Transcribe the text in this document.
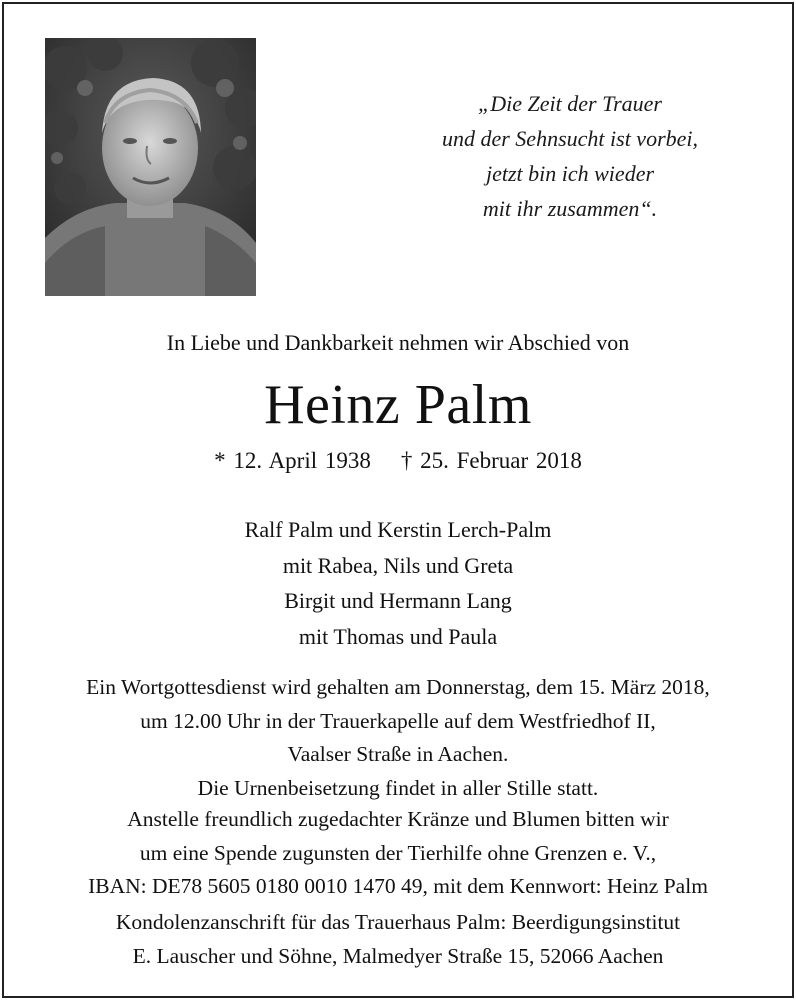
„Die Zeit der Trauer
und der Sehnsucht ist vorbei,
jetzt bin ich wieder
mit ihr zusammen“.
In Liebe und Dankbarkeit nehmen wir Abschied von
Heinz Palm
* 12. April 1938 † 25. Februar 2018
Ralf Palm und Kerstin Lerch-Palm
mit Rabea, Nils und Greta
Birgit und Hermann Lang
mit Thomas und Paula
Ein Wortgottesdienst wird gehalten am Donnerstag, dem 15. März 2018,
um 12.00 Uhr in der Trauerkapelle auf dem Westfriedhof II,
Vaalser Straße in Aachen.
Die Urnenbeisetzung findet in aller Stille statt.
Anstelle freundlich zugedachter Kränze und Blumen bitten wir
um eine Spende zugunsten der Tierhilfe ohne Grenzen e. V.,
IBAN: DE78 5605 0180 0010 1470 49, mit dem Kennwort: Heinz Palm
Kondolenzanschrift für das Trauerhaus Palm: Beerdigungsinstitut
E. Lauscher und Söhne, Malmedyer Straße 15, 52066 Aachen
